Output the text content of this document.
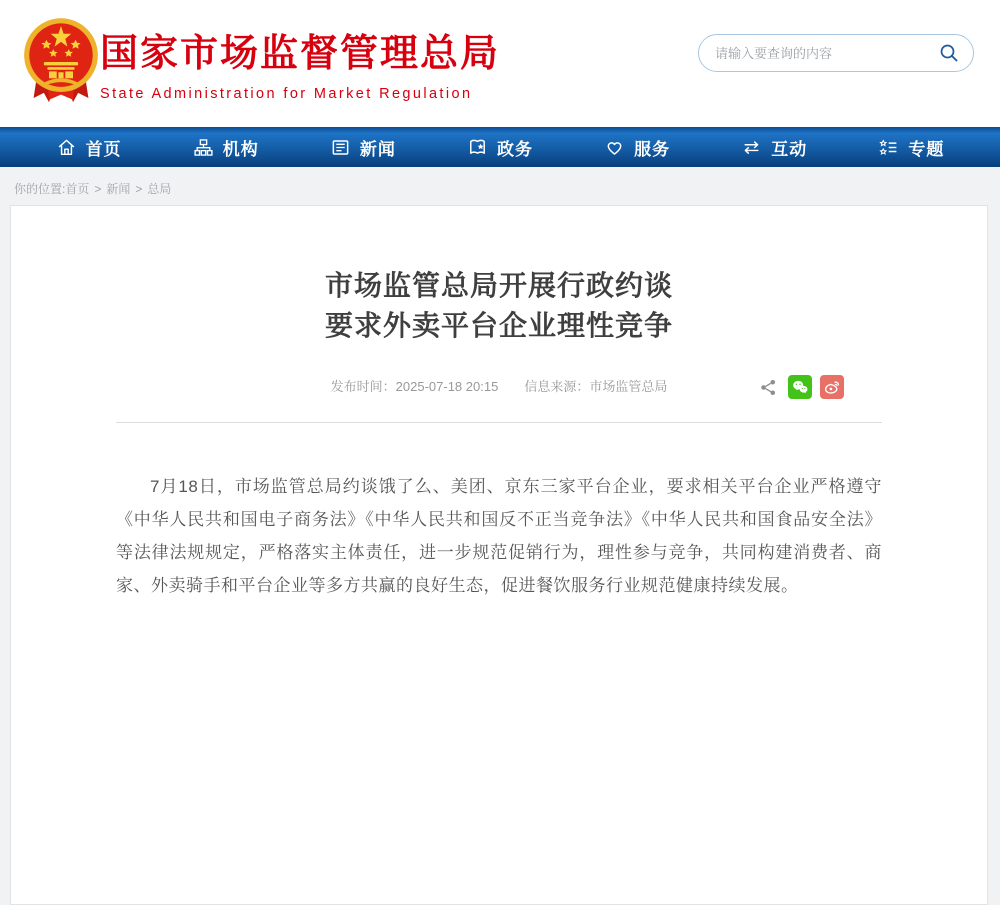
国家市场监督管理总局
State Administration for Market Regulation
请输入要查询的内容
首页	机构	新闻	政务	服务	互动	专题
你的位置:首页 > 新闻 > 总局
市场监管总局开展行政约谈
要求外卖平台企业理性竞争
发布时间：2025-07-18 20:15 信息来源：市场监管总局

7月18日，市场监管总局约谈饿了么、美团、京东三家平台企业，要求相关平台企业严格遵守《中华人民共和国电子商务法》《中华人民共和国反不正当竞争法》《中华人民共和国食品安全法》等法律法规规定，严格落实主体责任，进一步规范促销行为，理性参与竞争，共同构建消费者、商家、外卖骑手和平台企业等多方共赢的良好生态，促进餐饮服务行业规范健康持续发展。
